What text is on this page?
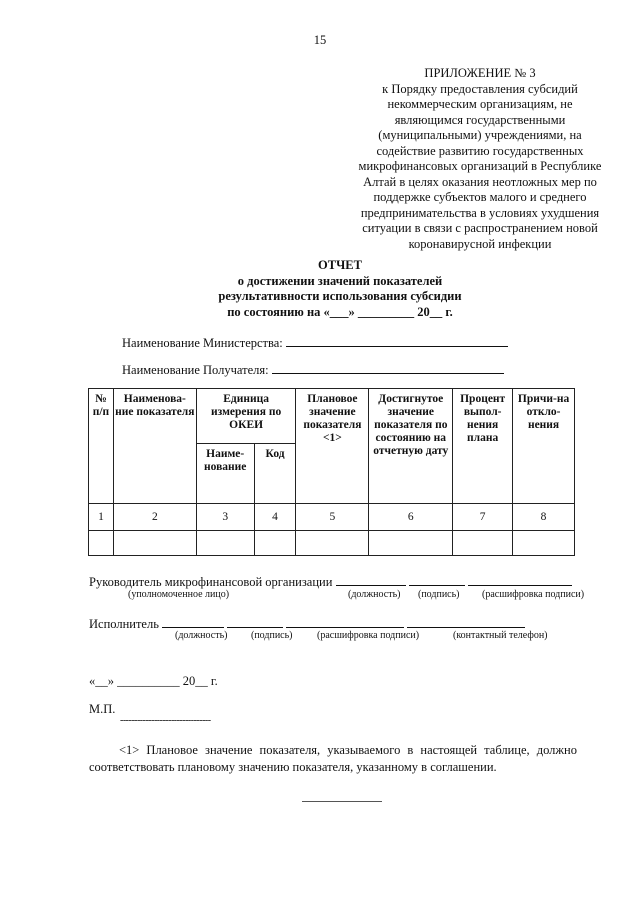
15
ПРИЛОЖЕНИЕ № 3
к Порядку предоставления субсидий
некоммерческим организациям, не
являющимся государственными
(муниципальными) учреждениями, на
содействие развитию государственных
микрофинансовых организаций в Республике
Алтай в целях оказания неотложных мер по
поддержке субъектов малого и среднего
предпринимательства в условиях ухудшения
ситуации в связи с распространением новой
коронавирусной инфекции
ОТЧЕТ
о достижении значений показателей
результативности использования субсидии
по состоянию на «___» _________ 20__ г.
Наименование Министерства:
Наименование Получателя:
№ п/п	Наименова-ние показателя	Единица измерения по ОКЕИ		Плановое значение показателя <1>	Достигнутое значение показателя по состоянию на отчетную дату	Процент выпол-нения плана	Причи-на откло-нения
		Наиме-нование	Код				
1	2	3	4	5	6	7	8

Руководитель микрофинансовой организации
(уполномоченное лицо)	(должность) (подпись) (расшифровка подписи)
Исполнитель
(должность) (подпись) (расшифровка подписи)	(контактный телефон)
«__» __________ 20__ г.
М.П.
--------------------------------
<1> Плановое значение показателя, указываемого в настоящей таблице, должно соответствовать плановому значению показателя, указанному в соглашении.
